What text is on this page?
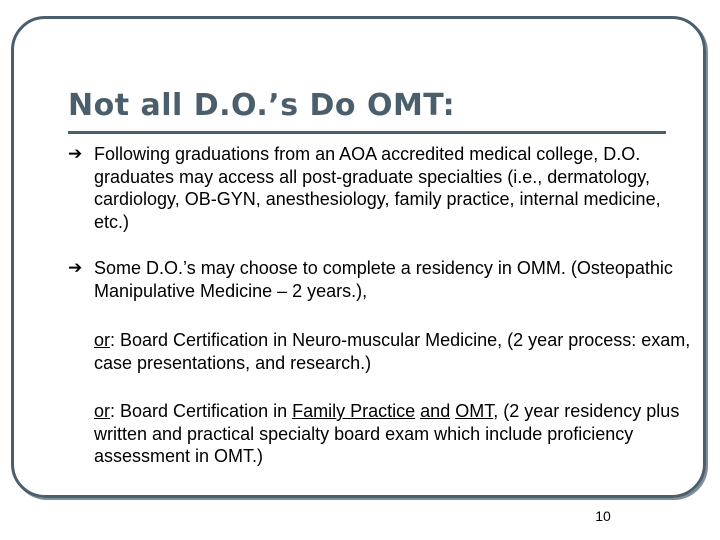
Not all D.O.’s Do OMT:
➔ Following graduations from an AOA accredited medical college, D.O. graduates may access all post-graduate specialties (i.e., dermatology, cardiology, OB-GYN, anesthesiology, family practice, internal medicine, etc.)
➔ Some D.O.’s may choose to complete a residency in OMM. (Osteopathic Manipulative Medicine – 2 years.),
or: Board Certification in Neuro-muscular Medicine, (2 year process: exam, case presentations, and research.)
or: Board Certification in Family Practice and OMT, (2 year residency plus written and practical specialty board exam which include proficiency assessment in OMT.)
10
